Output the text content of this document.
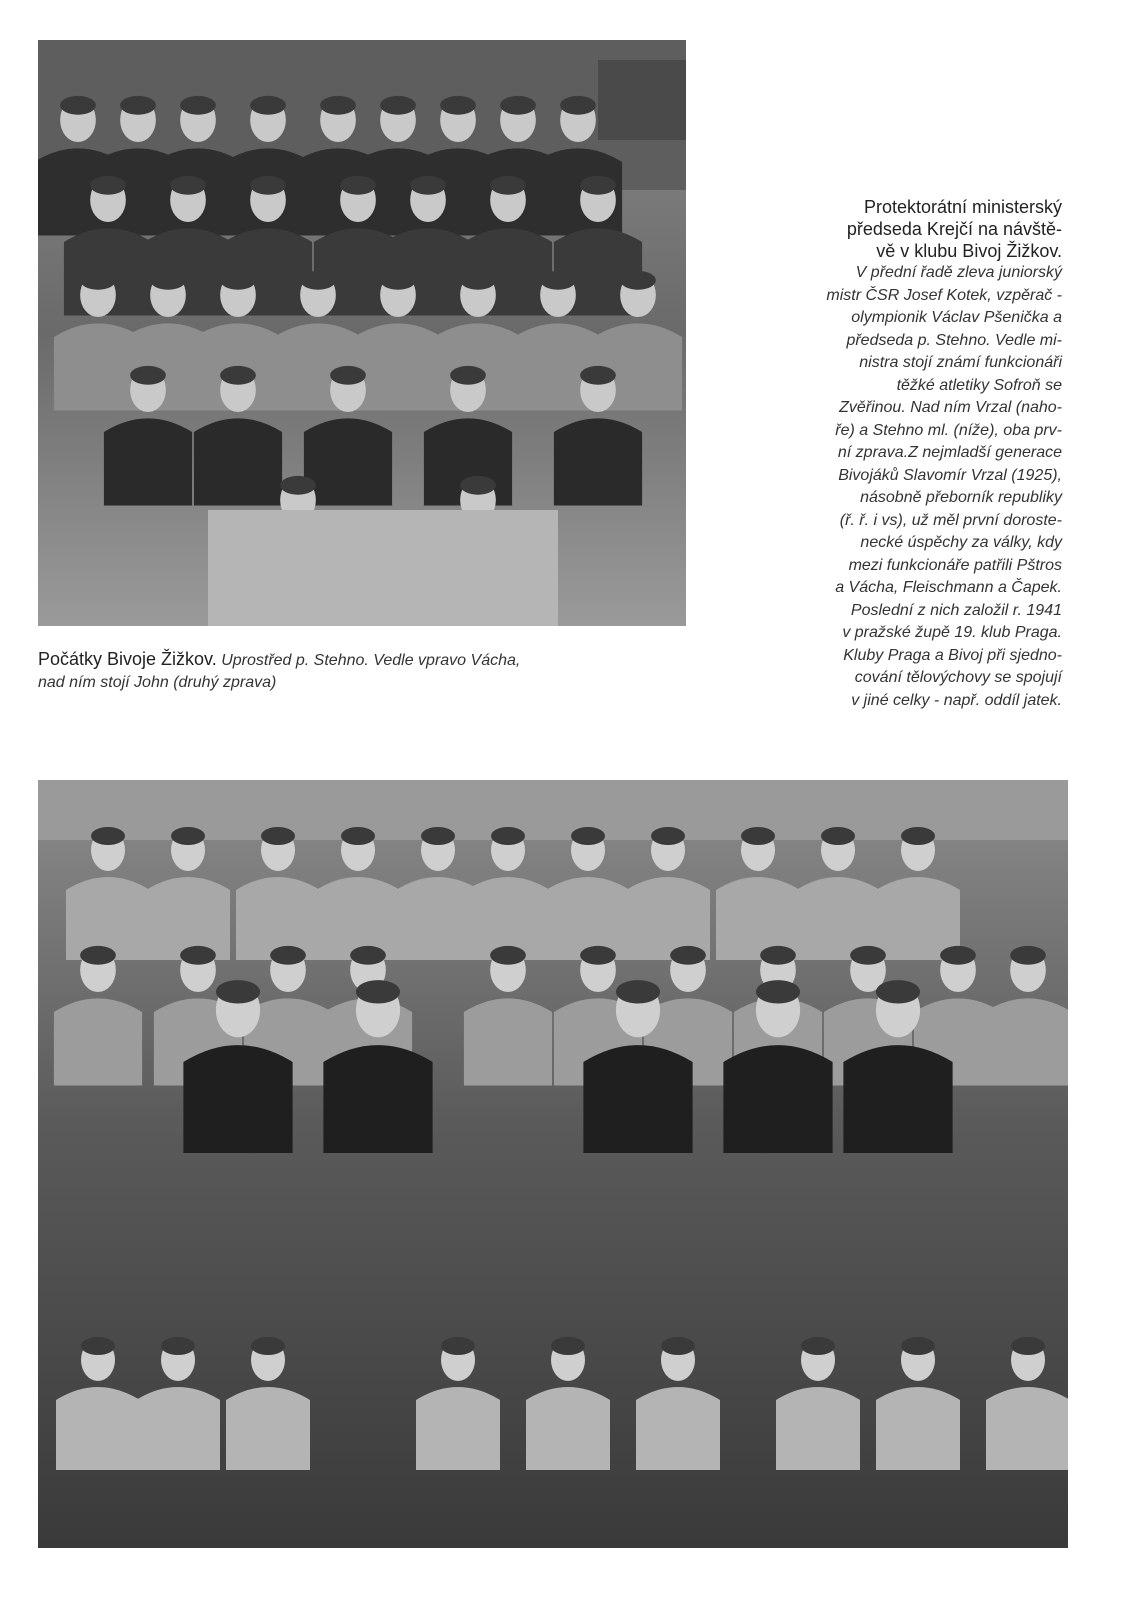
Protektorátní ministerský
předseda Krejčí na návště-
vě v klubu Bivoj Žižkov.
V přední řadě zleva juniorský
mistr ČSR Josef Kotek, vzpěrač -
olympionik Václav Pšenička a
předseda p. Stehno. Vedle mi-
nistra stojí známí funkcionáři
těžké atletiky Sofroň se
Zvěřinou. Nad ním Vrzal (naho-
ře) a Stehno ml. (níže), oba prv-
ní zprava.Z nejmladší generace
Bivojáků Slavomír Vrzal (1925),
násobně přeborník republiky
(ř. ř. i vs), už měl první doroste-
necké úspěchy za války, kdy
mezi funkcionáře patřili Pštros
a Vácha, Fleischmann a Čapek.
Poslední z nich založil r. 1941
v pražské župě 19. klub Praga.
Kluby Praga a Bivoj při sjedno-
cování tělovýchovy se spojují
v jiné celky - např. oddíl jatek.
Počátky Bivoje Žižkov. Uprostřed p. Stehno. Vedle vpravo Vácha,
nad ním stojí John (druhý zprava)
